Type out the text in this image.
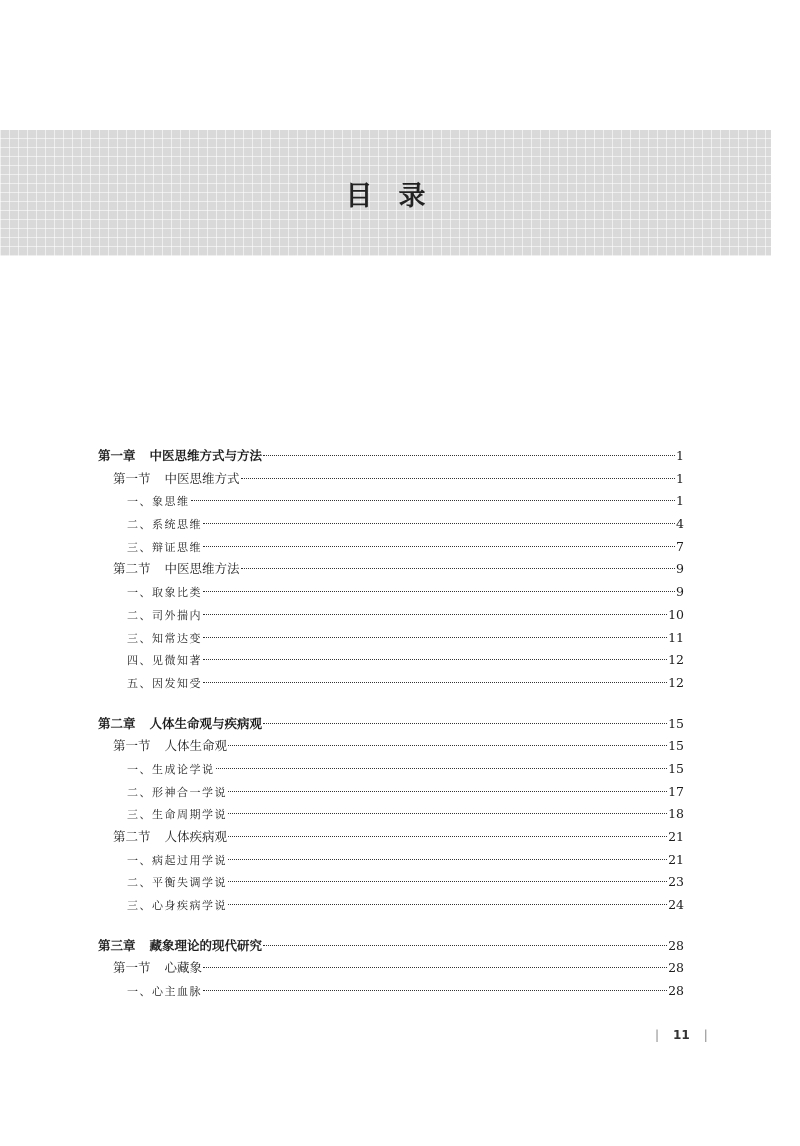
目录
第一章 中医思维方式与方法	1
第一节 中医思维方式	1
一、象思维	1
二、系统思维	4
三、辩证思维	7
第二节 中医思维方法	9
一、取象比类	9
二、司外揣内	10
三、知常达变	11
四、见微知著	12
五、因发知受	12
第二章 人体生命观与疾病观	15
第一节 人体生命观	15
一、生成论学说	15
二、形神合一学说	17
三、生命周期学说	18
第二节 人体疾病观	21
一、病起过用学说	21
二、平衡失调学说	23
三、心身疾病学说	24
第三章 藏象理论的现代研究	28
第一节 心藏象	28
一、心主血脉	28
| 11 |
